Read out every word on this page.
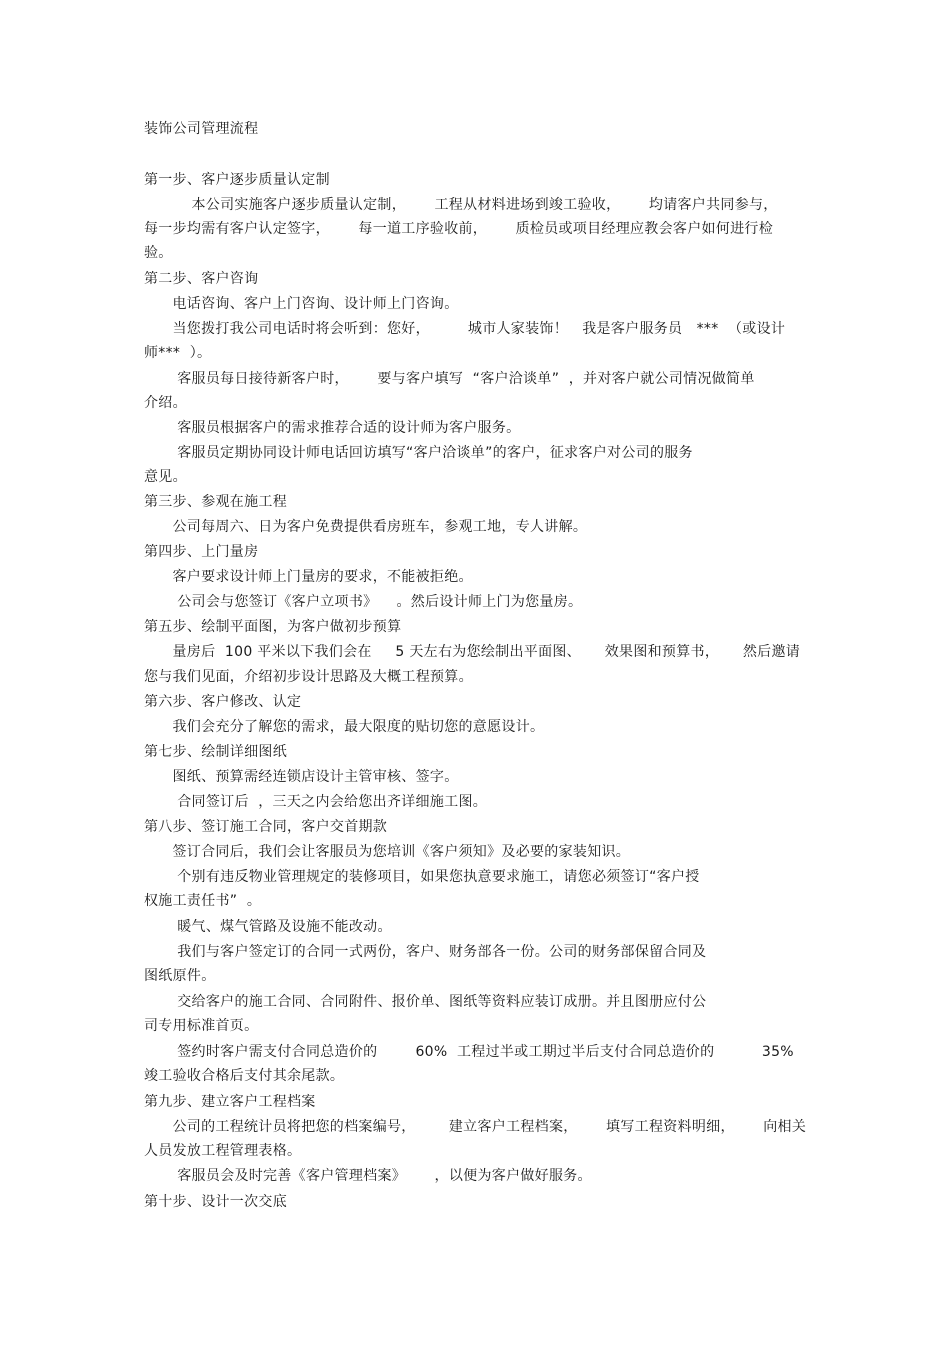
装饰公司管理流程
第一步、客户逐步质量认定制
本公司实施客户逐步质量认定制，      工程从材料进场到竣工验收，      均请客户共同参与，
每一步均需有客户认定签字，      每一道工序验收前，      质检员或项目经理应教会客户如何进行检
验。
第二步、客户咨询
电话咨询、客户上门咨询、设计师上门咨询。
当您拨打我公司电话时将会听到：您好，        城市人家装饰！   我是客户服务员   ***  （或设计
师***  ）。
客服员每日接待新客户时，      要与客户填写  “客户洽谈单”  ，并对客户就公司情况做简单
介绍。
客服员根据客户的需求推荐合适的设计师为客户服务。
客服员定期协同设计师电话回访填写“客户洽谈单”的客户，征求客户对公司的服务
意见。
第三步、参观在施工程
公司每周六、日为客户免费提供看房班车，参观工地，专人讲解。
第四步、上门量房
客户要求设计师上门量房的要求，不能被拒绝。
公司会与您签订《客户立项书》    。然后设计师上门为您量房。
第五步、绘制平面图，为客户做初步预算
量房后  100 平米以下我们会在     5 天左右为您绘制出平面图、     效果图和预算书，     然后邀请
您与我们见面，介绍初步设计思路及大概工程预算。
第六步、客户修改、认定
我们会充分了解您的需求，最大限度的贴切您的意愿设计。
第七步、绘制详细图纸
图纸、预算需经连锁店设计主管审核、签字。
合同签订后  ，三天之内会给您出齐详细施工图。
第八步、签订施工合同，客户交首期款
签订合同后，我们会让客服员为您培训《客户须知》及必要的家装知识。
个别有违反物业管理规定的装修项目，如果您执意要求施工，请您必须签订“客户授
权施工责任书”  。
暖气、煤气管路及设施不能改动。
我们与客户签定订的合同一式两份，客户、财务部各一份。公司的财务部保留合同及
图纸原件。
交给客户的施工合同、合同附件、报价单、图纸等资料应装订成册。并且图册应付公
司专用标准首页。
签约时客户需支付合同总造价的        60%  工程过半或工期过半后支付合同总造价的          35%
竣工验收合格后支付其余尾款。
第九步、建立客户工程档案
公司的工程统计员将把您的档案编号，       建立客户工程档案，      填写工程资料明细，      向相关
人员发放工程管理表格。
客服员会及时完善《客户管理档案》      ，以便为客户做好服务。
第十步、设计一次交底
